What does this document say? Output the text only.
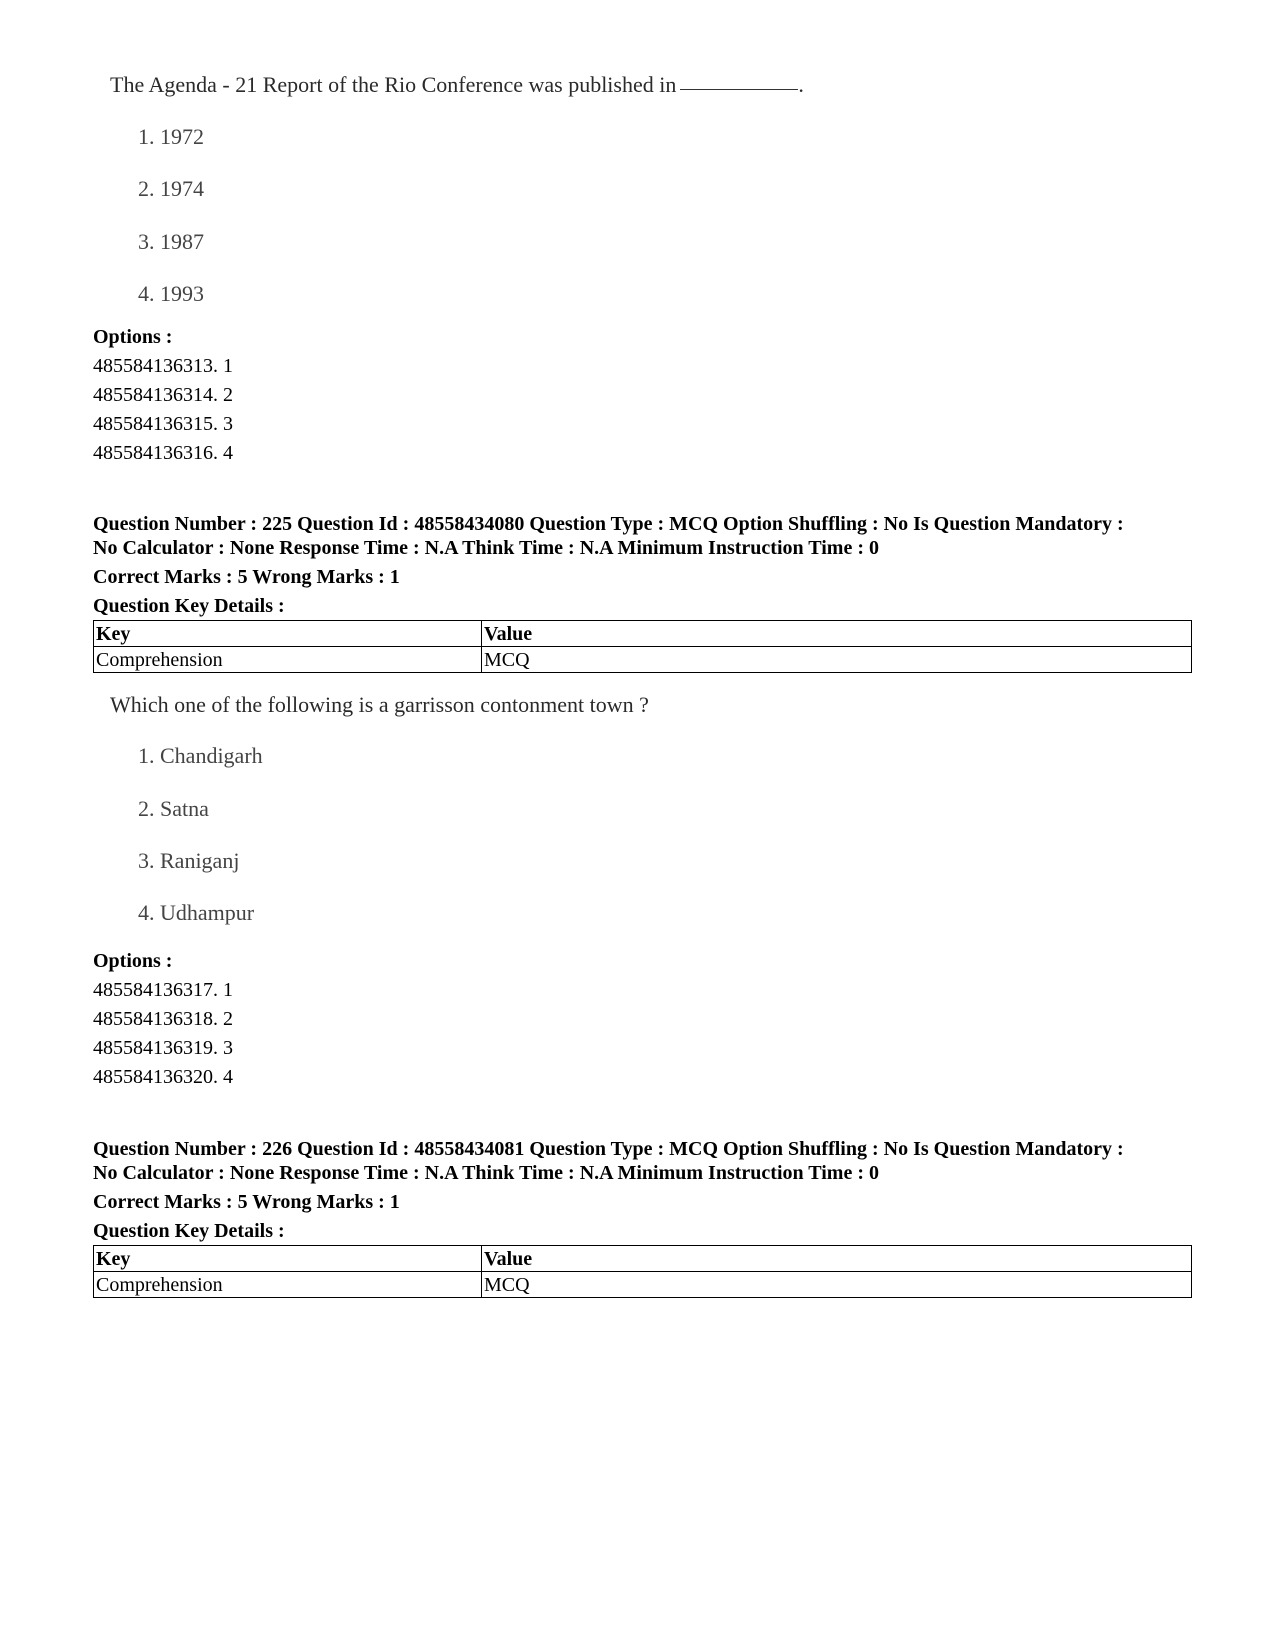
The Agenda - 21 Report of the Rio Conference was published in	.
1. 1972
2. 1974
3. 1987
4. 1993
Options :
485584136313. 1
485584136314. 2
485584136315. 3
485584136316. 4
Question Number : 225 Question Id : 48558434080 Question Type : MCQ Option Shuffling : No Is Question Mandatory :
No Calculator : None Response Time : N.A Think Time : N.A Minimum Instruction Time : 0
Correct Marks : 5 Wrong Marks : 1
Question Key Details :
Key	Value
Comprehension	MCQ
Which one of the following is a garrisson contonment town ?
1. Chandigarh
2. Satna
3. Raniganj
4. Udhampur
Options :
485584136317. 1
485584136318. 2
485584136319. 3
485584136320. 4
Question Number : 226 Question Id : 48558434081 Question Type : MCQ Option Shuffling : No Is Question Mandatory :
No Calculator : None Response Time : N.A Think Time : N.A Minimum Instruction Time : 0
Correct Marks : 5 Wrong Marks : 1
Question Key Details :
Key	Value
Comprehension	MCQ
